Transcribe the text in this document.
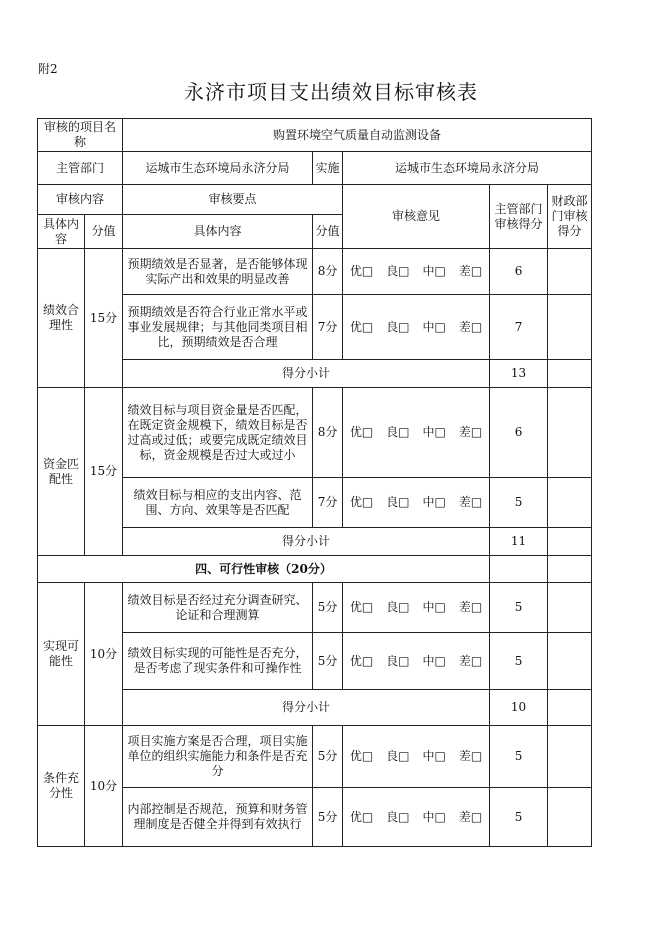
附2
永济市项目支出绩效目标审核表
审核的项目名称		购置环境空气质量自动监测设备				
主管部门		运城市生态环境局永济分局	实施	运城市生态环境局永济分局		
审核内容		审核要点		审核意见	主管部门审核得分	财政部门审核得分
具体内容	分值	具体内容	分值			
绩效合理性	15分	预期绩效是否显著，是否能够体现实际产出和效果的明显改善	8分	优□ 良□ 中□ 差□	6	
		预期绩效是否符合行业正常水平或事业发展规律；与其他同类项目相比，预期绩效是否合理	7分	优□ 良□ 中□ 差□	7	
		得分小计			13	
资金匹配性	15分	绩效目标与项目资金量是否匹配，在既定资金规模下，绩效目标是否过高或过低；或要完成既定绩效目标，资金规模是否过大或过小	8分	优□ 良□ 中□ 差□	6	
		绩效目标与相应的支出内容、范围、方向、效果等是否匹配	7分	优□ 良□ 中□ 差□	5	
		得分小计			11	
四、可行性审核（20分）						
实现可能性	10分	绩效目标是否经过充分调查研究、论证和合理测算	5分	优□ 良□ 中□ 差□	5	
		绩效目标实现的可能性是否充分，是否考虑了现实条件和可操作性	5分	优□ 良□ 中□ 差□	5	
		得分小计			10	
条件充分性	10分	项目实施方案是否合理，项目实施单位的组织实施能力和条件是否充分	5分	优□ 良□ 中□ 差□	5	
		内部控制是否规范，预算和财务管理制度是否健全并得到有效执行	5分	优□ 良□ 中□ 差□	5	
